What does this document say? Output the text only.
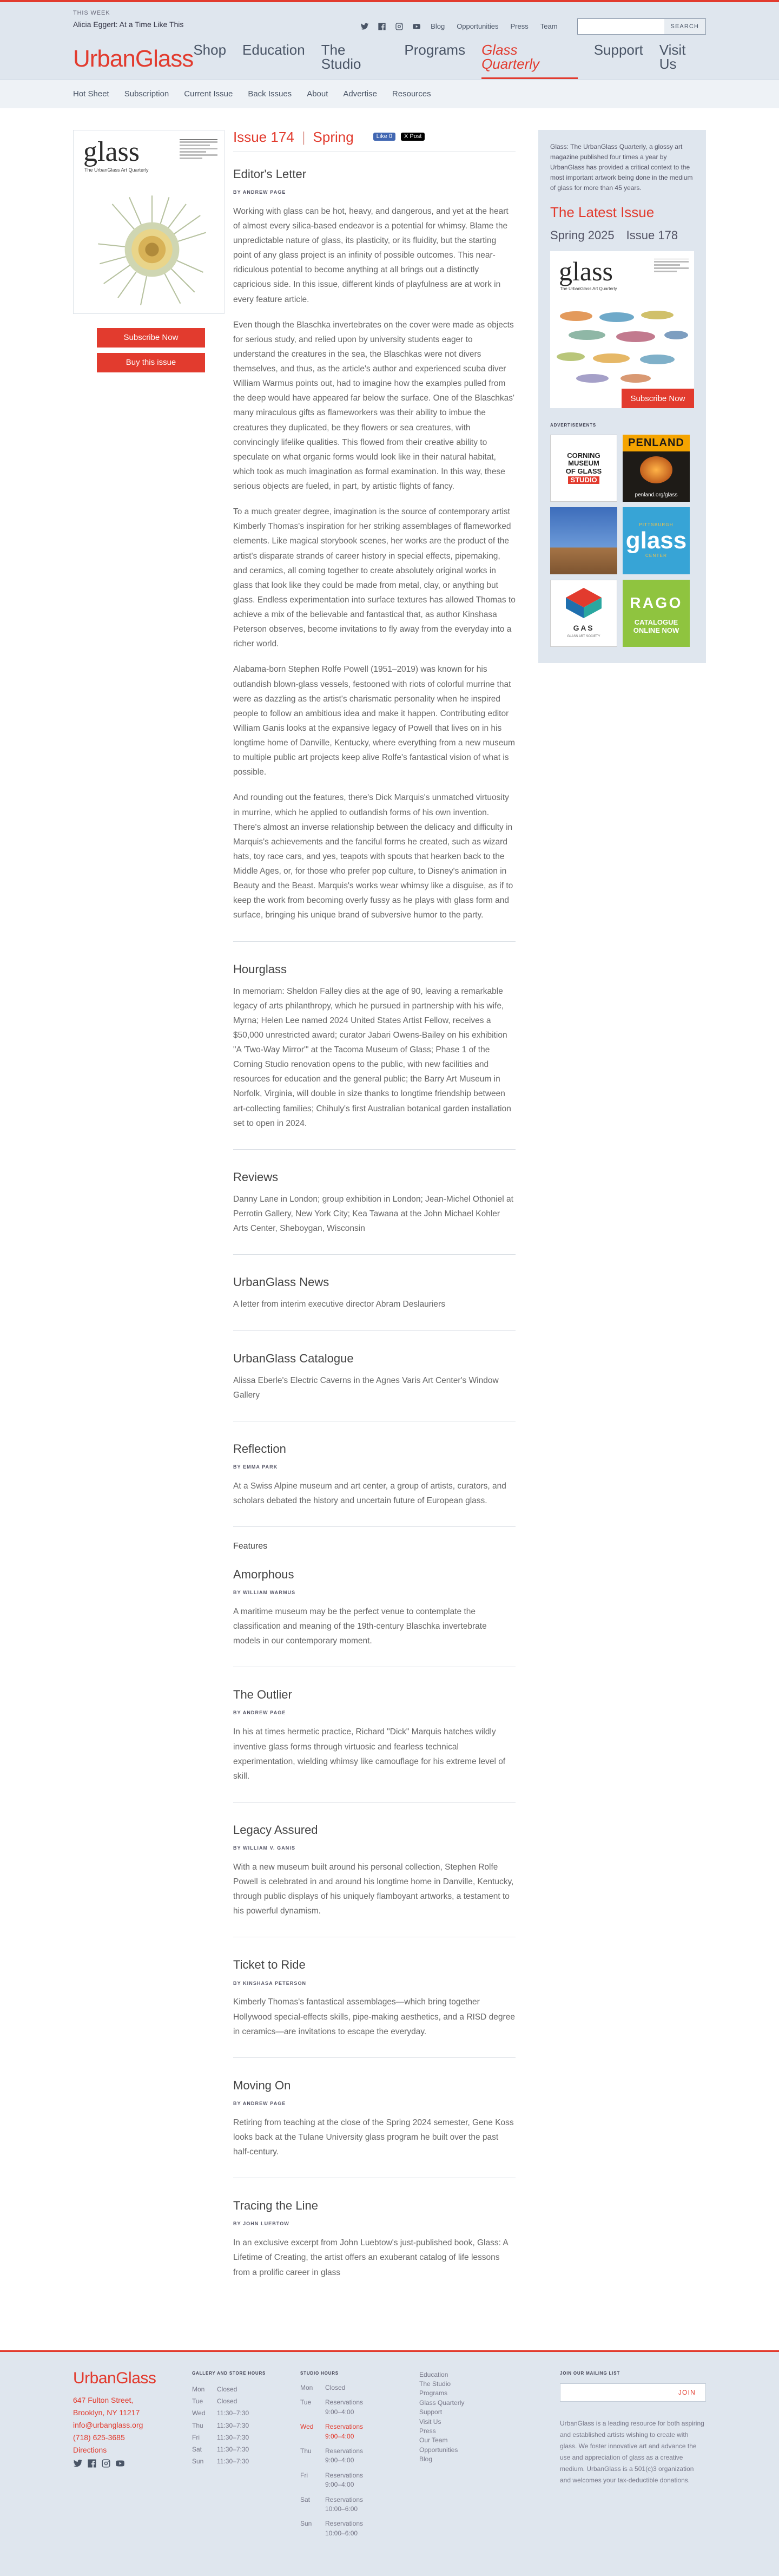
THIS WEEK
Alicia Eggert: At a Time Like This	Blog Opportunities Press Team	SEARCH
UrbanGlass Shop Education The Studio
Programs Glass Quarterly
Support Visit Us
Hot Sheet Subscription Current Issue Back Issues About Advertise Resources
glass
The UrbanGlass Art Quarterly
Subscribe Now
Buy this issue
Issue 174 | Spring	Like 0	X Post
Editor's Letter
BY ANDREW PAGE

Working with glass can be hot, heavy, and dangerous, and yet at the heart of almost every silica-based endeavor is a potential for whimsy. Blame the unpredictable nature of glass, its plasticity, or its fluidity, but the starting point of any glass project is an infinity of possible outcomes. This near-ridiculous potential to become anything at all brings out a distinctly capricious side. In this issue, different kinds of playfulness are at work in every feature article.

Even though the Blaschka invertebrates on the cover were made as objects for serious study, and relied upon by university students eager to understand the creatures in the sea, the Blaschkas were not divers themselves, and thus, as the article's author and experienced scuba diver William Warmus points out, had to imagine how the examples pulled from the deep would have appeared far below the surface. One of the Blaschkas' many miraculous gifts as flameworkers was their ability to imbue the creatures they duplicated, be they flowers or sea creatures, with convincingly lifelike qualities. This flowed from their creative ability to speculate on what organic forms would look like in their natural habitat, which took as much imagination as formal examination. In this way, these serious objects are fueled, in part, by artistic flights of fancy.

To a much greater degree, imagination is the source of contemporary artist Kimberly Thomas's inspiration for her striking assemblages of flameworked elements. Like magical storybook scenes, her works are the product of the artist's disparate strands of career history in special effects, pipemaking, and ceramics, all coming together to create absolutely original works in glass that look like they could be made from metal, clay, or anything but glass. Endless experimentation into surface textures has allowed Thomas to achieve a mix of the believable and fantastical that, as author Kinshasa Peterson observes, become invitations to fly away from the everyday into a richer world.

Alabama-born Stephen Rolfe Powell (1951–2019) was known for his outlandish blown-glass vessels, festooned with riots of colorful murrine that were as dazzling as the artist's charismatic personality when he inspired people to follow an ambitious idea and make it happen. Contributing editor William Ganis looks at the expansive legacy of Powell that lives on in his longtime home of Danville, Kentucky, where everything from a new museum to multiple public art projects keep alive Rolfe's fantastical vision of what is possible.

And rounding out the features, there's Dick Marquis's unmatched virtuosity in murrine, which he applied to outlandish forms of his own invention. There's almost an inverse relationship between the delicacy and difficulty in Marquis's achievements and the fanciful forms he created, such as wizard hats, toy race cars, and yes, teapots with spouts that hearken back to the Middle Ages, or, for those who prefer pop culture, to Disney's animation in Beauty and the Beast. Marquis's works wear whimsy like a disguise, as if to keep the work from becoming overly fussy as he plays with glass form and surface, bringing his unique brand of subversive humor to the party.

Hourglass

In memoriam: Sheldon Falley dies at the age of 90, leaving a remarkable legacy of arts philanthropy, which he pursued in partnership with his wife, Myrna; Helen Lee named 2024 United States Artist Fellow, receives a $50,000 unrestricted award; curator Jabari Owens-Bailey on his exhibition "A 'Two-Way Mirror'" at the Tacoma Museum of Glass; Phase 1 of the Corning Studio renovation opens to the public, with new facilities and resources for education and the general public; the Barry Art Museum in Norfolk, Virginia, will double in size thanks to longtime friendship between art-collecting families; Chihuly's first Australian botanical garden installation set to open in 2024.

Reviews

Danny Lane in London; group exhibition in London; Jean-Michel Othoniel at Perrotin Gallery, New York City; Kea Tawana at the John Michael Kohler Arts Center, Sheboygan, Wisconsin

UrbanGlass News

A letter from interim executive director Abram Deslauriers

UrbanGlass Catalogue

Alissa Eberle's Electric Caverns in the Agnes Varis Art Center's Window Gallery

Reflection
BY EMMA PARK

At a Swiss Alpine museum and art center, a group of artists, curators, and scholars debated the history and uncertain future of European glass.

Features
Amorphous
BY WILLIAM WARMUS

A maritime museum may be the perfect venue to contemplate the classification and meaning of the 19th-century Blaschka invertebrate models in our contemporary moment.

The Outlier
BY ANDREW PAGE

In his at times hermetic practice, Richard "Dick" Marquis hatches wildly inventive glass forms through virtuosic and fearless technical experimentation, wielding whimsy like camouflage for his extreme level of skill.

Legacy Assured
BY WILLIAM V. GANIS

With a new museum built around his personal collection, Stephen Rolfe Powell is celebrated in and around his longtime home in Danville, Kentucky, through public displays of his uniquely flamboyant artworks, a testament to his powerful dynamism.

Ticket to Ride
BY KINSHASA PETERSON

Kimberly Thomas's fantastical assemblages—which bring together Hollywood special-effects skills, pipe-making aesthetics, and a RISD degree in ceramics—are invitations to escape the everyday.

Moving On
BY ANDREW PAGE

Retiring from teaching at the close of the Spring 2024 semester, Gene Koss looks back at the Tulane University glass program he built over the past half-century.

Tracing the Line
BY JOHN LUEBTOW

In an exclusive excerpt from John Luebtow's just-published book, Glass: A Lifetime of Creating, the artist offers an exuberant catalog of life lessons from a prolific career in glass

Glass: The UrbanGlass Quarterly, a glossy art magazine published four times a year by UrbanGlass has provided a critical context to the most important artwork being done in the medium of glass for more than 45 years.

The Latest Issue
Spring 2025 Issue 178
glass
The UrbanGlass Art Quarterly
Subscribe Now
ADVERTISEMENTS
CORNING
MUSEUM
OF GLASS
STUDIO
PENLAND
penland.org/glass
PITTSBURGH
glass
CENTER
GAS
GLASS ART SOCIETY
RAGO
CATALOGUE
ONLINE NOW
UrbanGlass
647 Fulton Street,
Brooklyn, NY 11217
info@urbanglass.org
(718) 625-3685
Directions
GALLERY AND STORE HOURS
Mon	Closed
Tue	Closed
Wed	11:30–7:30
Thu	11:30–7:30
Fri	11:30–7:30
Sat	11:30–7:30
Sun	11:30–7:30
STUDIO HOURS
Mon	Closed
Tue	Reservations
9:00–4:00
Wed	Reservations
9:00–4:00
Thu	Reservations
9:00–4:00
Fri	Reservations
9:00–4:00
Sat	Reservations
10:00–6:00
Sun	Reservations
10:00–6:00
Education
The Studio
Programs
Glass Quarterly
Support
Visit Us
Press
Our Team
Opportunities
Blog
JOIN OUR MAILING LIST
JOIN

UrbanGlass is a leading resource for both aspiring and established artists wishing to create with glass. We foster innovative art and advance the use and appreciation of glass as a creative medium. UrbanGlass is a 501(c)3 organization and welcomes your tax-deductible donations.
